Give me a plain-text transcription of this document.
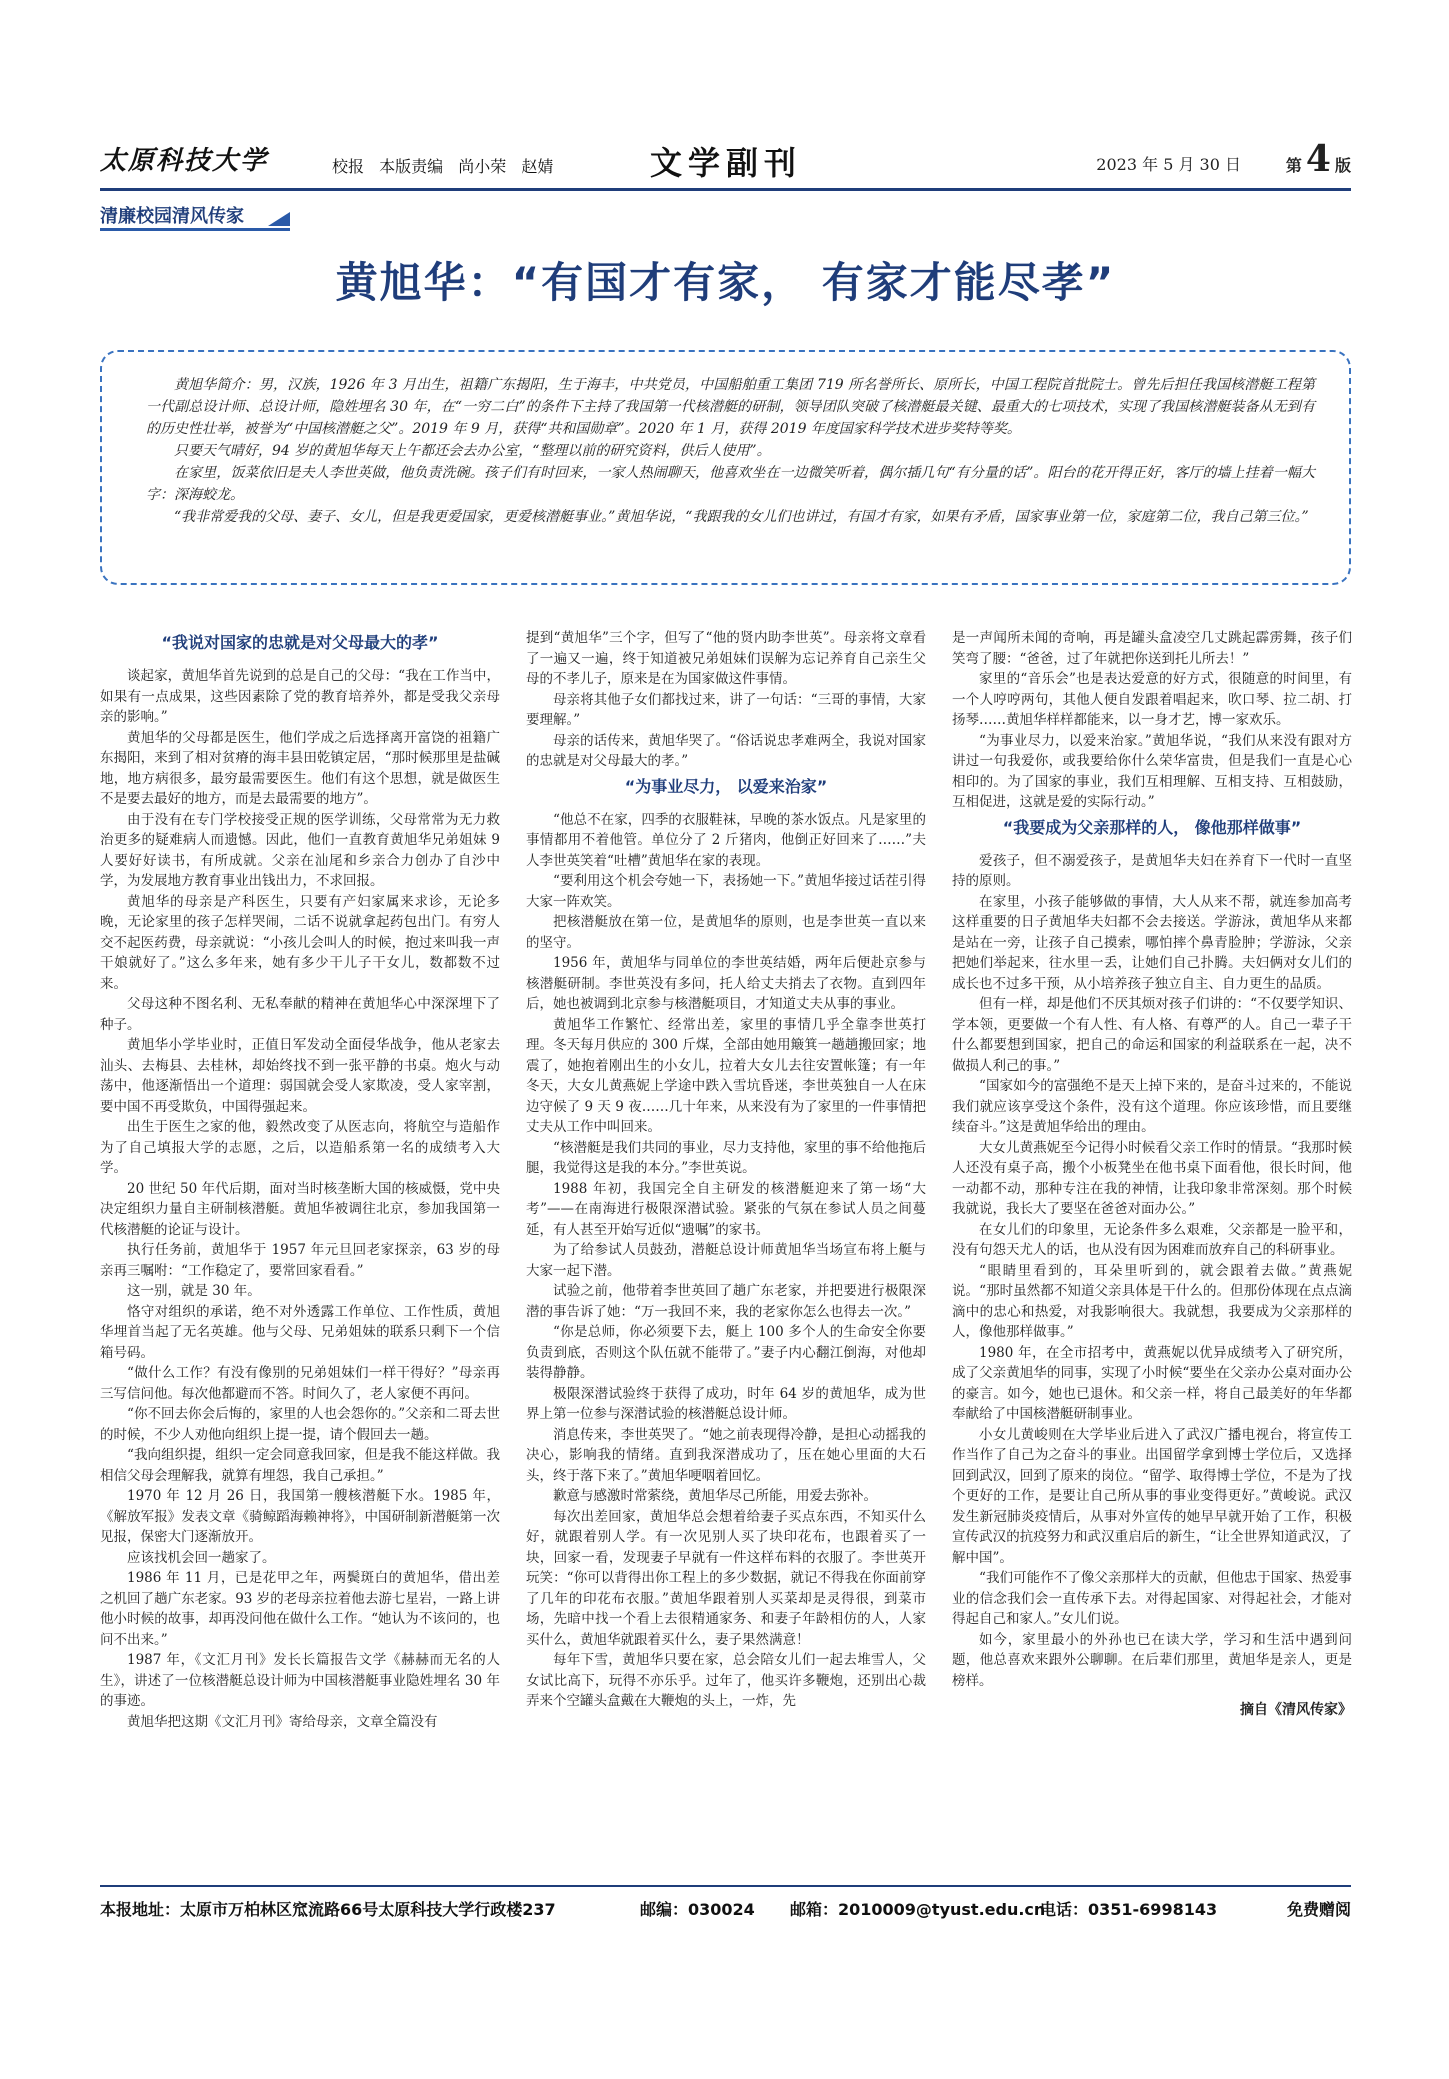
太原科技大学	校报 本版责编 尚小荣 赵婧	文学副刊	2023 年 5 月 30 日	第 4 版
清廉校园清风传家
黄旭华：“有国才有家， 有家才能尽孝”

黄旭华简介：男，汉族，1926 年 3 月出生，祖籍广东揭阳，生于海丰，中共党员，中国船舶重工集团 719 所名誉所长、原所长，中国工程院首批院士。曾先后担任我国核潜艇工程第一代副总设计师、总设计师，隐姓埋名 30 年，在“一穷二白”的条件下主持了我国第一代核潜艇的研制，领导团队突破了核潜艇最关键、最重大的七项技术，实现了我国核潜艇装备从无到有的历史性壮举，被誉为“中国核潜艇之父”。2019 年 9 月，获得“共和国勋章”。2020 年 1 月，获得 2019 年度国家科学技术进步奖特等奖。

只要天气晴好，94 岁的黄旭华每天上午都还会去办公室，“整理以前的研究资料，供后人使用”。

在家里，饭菜依旧是夫人李世英做，他负责洗碗。孩子们有时回来，一家人热闹聊天，他喜欢坐在一边微笑听着，偶尔插几句“有分量的话”。阳台的花开得正好，客厅的墙上挂着一幅大字：深海蛟龙。

“我非常爱我的父母、妻子、女儿，但是我更爱国家，更爱核潜艇事业。”黄旭华说，“我跟我的女儿们也讲过，有国才有家，如果有矛盾，国家事业第一位，家庭第二位，我自己第三位。”

“ 我说对国家的忠就是对父母最大的孝 ”

谈起家，黄旭华首先说到的总是自己的父母：“我在工作当中，如果有一点成果，这些因素除了党的教育培养外，都是受我父亲母亲的影响。”

黄旭华的父母都是医生，他们学成之后选择离开富饶的祖籍广东揭阳，来到了相对贫瘠的海丰县田乾镇定居，“那时候那里是盐碱地，地方病很多，最穷最需要医生。他们有这个思想，就是做医生不是要去最好的地方，而是去最需要的地方”。

由于没有在专门学校接受正规的医学训练，父母常常为无力救治更多的疑难病人而遗憾。因此，他们一直教育黄旭华兄弟姐妹 9 人要好好读书，有所成就。父亲在汕尾和乡亲合力创办了自沙中学，为发展地方教育事业出钱出力，不求回报。

黄旭华的母亲是产科医生，只要有产妇家属来求诊，无论多晚，无论家里的孩子怎样哭闹，二话不说就拿起药包出门。有穷人交不起医药费，母亲就说：“小孩儿会叫人的时候，抱过来叫我一声干娘就好了。”这么多年来，她有多少干儿子干女儿，数都数不过来。

父母这种不图名利、无私奉献的精神在黄旭华心中深深埋下了种子。

黄旭华小学毕业时，正值日军发动全面侵华战争，他从老家去汕头、去梅县、去桂林，却始终找不到一张平静的书桌。炮火与动荡中，他逐渐悟出一个道理：弱国就会受人家欺凌，受人家宰割，要中国不再受欺负，中国得强起来。

出生于医生之家的他，毅然改变了从医志向，将航空与造船作为了自己填报大学的志愿，之后，以造船系第一名的成绩考入大学。

20 世纪 50 年代后期，面对当时核垄断大国的核威慑，党中央决定组织力量自主研制核潜艇。黄旭华被调往北京，参加我国第一代核潜艇的论证与设计。

执行任务前，黄旭华于 1957 年元旦回老家探亲，63 岁的母亲再三嘱咐：“工作稳定了，要常回家看看。”

这一别，就是 30 年。

恪守对组织的承诺，绝不对外透露工作单位、工作性质，黄旭华埋首当起了无名英雄。他与父母、兄弟姐妹的联系只剩下一个信箱号码。

“做什么工作？有没有像别的兄弟姐妹们一样干得好？”母亲再三写信问他。每次他都避而不答。时间久了，老人家便不再问。

“你不回去你会后悔的，家里的人也会怨你的。”父亲和二哥去世的时候，不少人劝他向组织上提一提，请个假回去一趟。

“我向组织提，组织一定会同意我回家，但是我不能这样做。我相信父母会理解我，就算有埋怨，我自己承担。”

1970 年 12 月 26 日，我国第一艘核潜艇下水。1985 年，《解放军报》发表文章《骑鲸蹈海赖神将》，中国研制新潜艇第一次见报，保密大门逐渐放开。

应该找机会回一趟家了。

1986 年 11 月，已是花甲之年，两鬓斑白的黄旭华，借出差之机回了趟广东老家。93 岁的老母亲拉着他去游七星岩，一路上讲他小时候的故事，却再没问他在做什么工作。“她认为不该问的，也问不出来。”

1987 年，《文汇月刊》发长长篇报告文学《赫赫而无名的人生》，讲述了一位核潜艇总设计师为中国核潜艇事业隐姓埋名 30 年的事迹。

黄旭华把这期《文汇月刊》寄给母亲，文章全篇没有

提到“黄旭华”三个字，但写了“他的贤内助李世英”。母亲将文章看了一遍又一遍，终于知道被兄弟姐妹们误解为忘记养育自己亲生父母的不孝儿子，原来是在为国家做这件事情。

母亲将其他子女们都找过来，讲了一句话：“三哥的事情，大家要理解。”

母亲的话传来，黄旭华哭了。“俗话说忠孝难两全，我说对国家的忠就是对父母最大的孝。”

“ 为事业尽力， 以爱来治家 ”

“他总不在家，四季的衣服鞋袜，早晚的茶水饭点。凡是家里的事情都用不着他管。单位分了 2 斤猪肉，他倒正好回来了……”夫人李世英笑着“吐槽”黄旭华在家的表现。

“要利用这个机会夸她一下，表扬她一下。”黄旭华接过话茬引得大家一阵欢笑。

把核潜艇放在第一位，是黄旭华的原则，也是李世英一直以来的坚守。

1956 年，黄旭华与同单位的李世英结婚，两年后便赴京参与核潜艇研制。李世英没有多问，托人给丈夫捎去了衣物。直到四年后，她也被调到北京参与核潜艇项目，才知道丈夫从事的事业。

黄旭华工作繁忙、经常出差，家里的事情几乎全靠李世英打理。冬天每月供应的 300 斤煤，全部由她用簸箕一趟趟搬回家；地震了，她抱着刚出生的小女儿，拉着大女儿去往安置帐篷；有一年冬天，大女儿黄燕妮上学途中跌入雪坑昏迷，李世英独自一人在床边守候了 9 天 9 夜……几十年来，从来没有为了家里的一件事情把丈夫从工作中叫回来。

“核潜艇是我们共同的事业，尽力支持他，家里的事不给他拖后腿，我觉得这是我的本分。”李世英说。

1988 年初，我国完全自主研发的核潜艇迎来了第一场“大考”——在南海进行极限深潜试验。紧张的气氛在参试人员之间蔓延，有人甚至开始写近似“遗嘱”的家书。

为了给参试人员鼓劲，潜艇总设计师黄旭华当场宣布将上艇与大家一起下潜。

试验之前，他带着李世英回了趟广东老家，并把要进行极限深潜的事告诉了她：“万一我回不来，我的老家你怎么也得去一次。”

“你是总师，你必须要下去，艇上 100 多个人的生命安全你要负责到底，否则这个队伍就不能带了。”妻子内心翻江倒海，对他却装得静静。

极限深潜试验终于获得了成功，时年 64 岁的黄旭华，成为世界上第一位参与深潜试验的核潜艇总设计师。

消息传来，李世英哭了。“她之前表现得冷静，是担心动摇我的决心，影响我的情绪。直到我深潜成功了，压在她心里面的大石头，终于落下来了。”黄旭华哽咽着回忆。

歉意与感激时常萦绕，黄旭华尽己所能，用爱去弥补。

每次出差回家，黄旭华总会想着给妻子买点东西，不知买什么好，就跟着别人学。有一次见别人买了块印花布，也跟着买了一块，回家一看，发现妻子早就有一件这样布料的衣服了。李世英开玩笑：“你可以背得出你工程上的多少数据，就记不得我在你面前穿了几年的印花布衣服。”黄旭华跟着别人买菜却是灵得很，到菜市场，先暗中找一个看上去很精通家务、和妻子年龄相仿的人，人家买什么，黄旭华就跟着买什么，妻子果然满意！

每年下雪，黄旭华只要在家，总会陪女儿们一起去堆雪人，父女试比高下，玩得不亦乐乎。过年了，他买许多鞭炮，还别出心裁弄来个空罐头盒戴在大鞭炮的头上，一炸，先

是一声闻所未闻的奇响，再是罐头盒凌空几丈跳起霹雳舞，孩子们笑弯了腰：“爸爸，过了年就把你送到托儿所去！”

家里的“音乐会”也是表达爱意的好方式，很随意的时间里，有一个人哼哼两句，其他人便自发跟着唱起来，吹口琴、拉二胡、打扬琴……黄旭华样样都能来，以一身才艺，博一家欢乐。

“为事业尽力，以爱来治家。”黄旭华说，“我们从来没有跟对方讲过一句我爱你，或我要给你什么荣华富贵，但是我们一直是心心相印的。为了国家的事业，我们互相理解、互相支持、互相鼓励，互相促进，这就是爱的实际行动。”

“ 我要成为父亲那样的人， 像他那样做事 ”

爱孩子，但不溺爱孩子，是黄旭华夫妇在养育下一代时一直坚持的原则。

在家里，小孩子能够做的事情，大人从来不帮，就连参加高考这样重要的日子黄旭华夫妇都不会去接送。学游泳，黄旭华从来都是站在一旁，让孩子自己摸索，哪怕摔个鼻青脸肿；学游泳，父亲把她们举起来，往水里一丢，让她们自己扑腾。夫妇俩对女儿们的成长也不过多干预，从小培养孩子独立自主、自力更生的品质。

但有一样，却是他们不厌其烦对孩子们讲的：“不仅要学知识、学本领，更要做一个有人性、有人格、有尊严的人。自己一辈子干什么都要想到国家，把自己的命运和国家的利益联系在一起，决不做损人利己的事。”

“国家如今的富强绝不是天上掉下来的，是奋斗过来的，不能说我们就应该享受这个条件，没有这个道理。你应该珍惜，而且要继续奋斗。”这是黄旭华给出的理由。

大女儿黄燕妮至今记得小时候看父亲工作时的情景。“我那时候人还没有桌子高，搬个小板凳坐在他书桌下面看他，很长时间，他一动都不动，那种专注在我的神情，让我印象非常深刻。那个时候我就说，我长大了要坚在爸爸对面办公。”

在女儿们的印象里，无论条件多么艰难，父亲都是一脸平和，没有句怨天尤人的话，也从没有因为困难而放弃自己的科研事业。

“眼睛里看到的，耳朵里听到的，就会跟着去做。”黄燕妮说。“那时虽然都不知道父亲具体是干什么的。但那份体现在点点滴滴中的忠心和热爱，对我影响很大。我就想，我要成为父亲那样的人，像他那样做事。”

1980 年，在全市招考中，黄燕妮以优异成绩考入了研究所，成了父亲黄旭华的同事，实现了小时候“要坐在父亲办公桌对面办公的豪言。如今，她也已退休。和父亲一样，将自己最美好的年华都奉献给了中国核潜艇研制事业。

小女儿黄峻则在大学毕业后进入了武汉广播电视台，将宣传工作当作了自己为之奋斗的事业。出国留学拿到博士学位后，又选择回到武汉，回到了原来的岗位。“留学、取得博士学位，不是为了找个更好的工作，是要让自己所从事的事业变得更好。”黄峻说。武汉发生新冠肺炎疫情后，从事对外宣传的她早早就开始了工作，积极宣传武汉的抗疫努力和武汉重启后的新生，“让全世界知道武汉，了解中国”。

“我们可能作不了像父亲那样大的贡献，但他忠于国家、热爱事业的信念我们会一直传承下去。对得起国家、对得起社会，才能对得起自己和家人。”女儿们说。

如今，家里最小的外孙也已在读大学，学习和生活中遇到问题，他总喜欢来跟外公聊聊。在后辈们那里，黄旭华是亲人，更是榜样。

摘自《清风传家》
本报地址：太原市万柏林区窊流路66号太原科技大学行政楼237	邮编：030024 邮箱：2010009@tyust.edu.cn
电话：0351-6998143	免费赠阅
